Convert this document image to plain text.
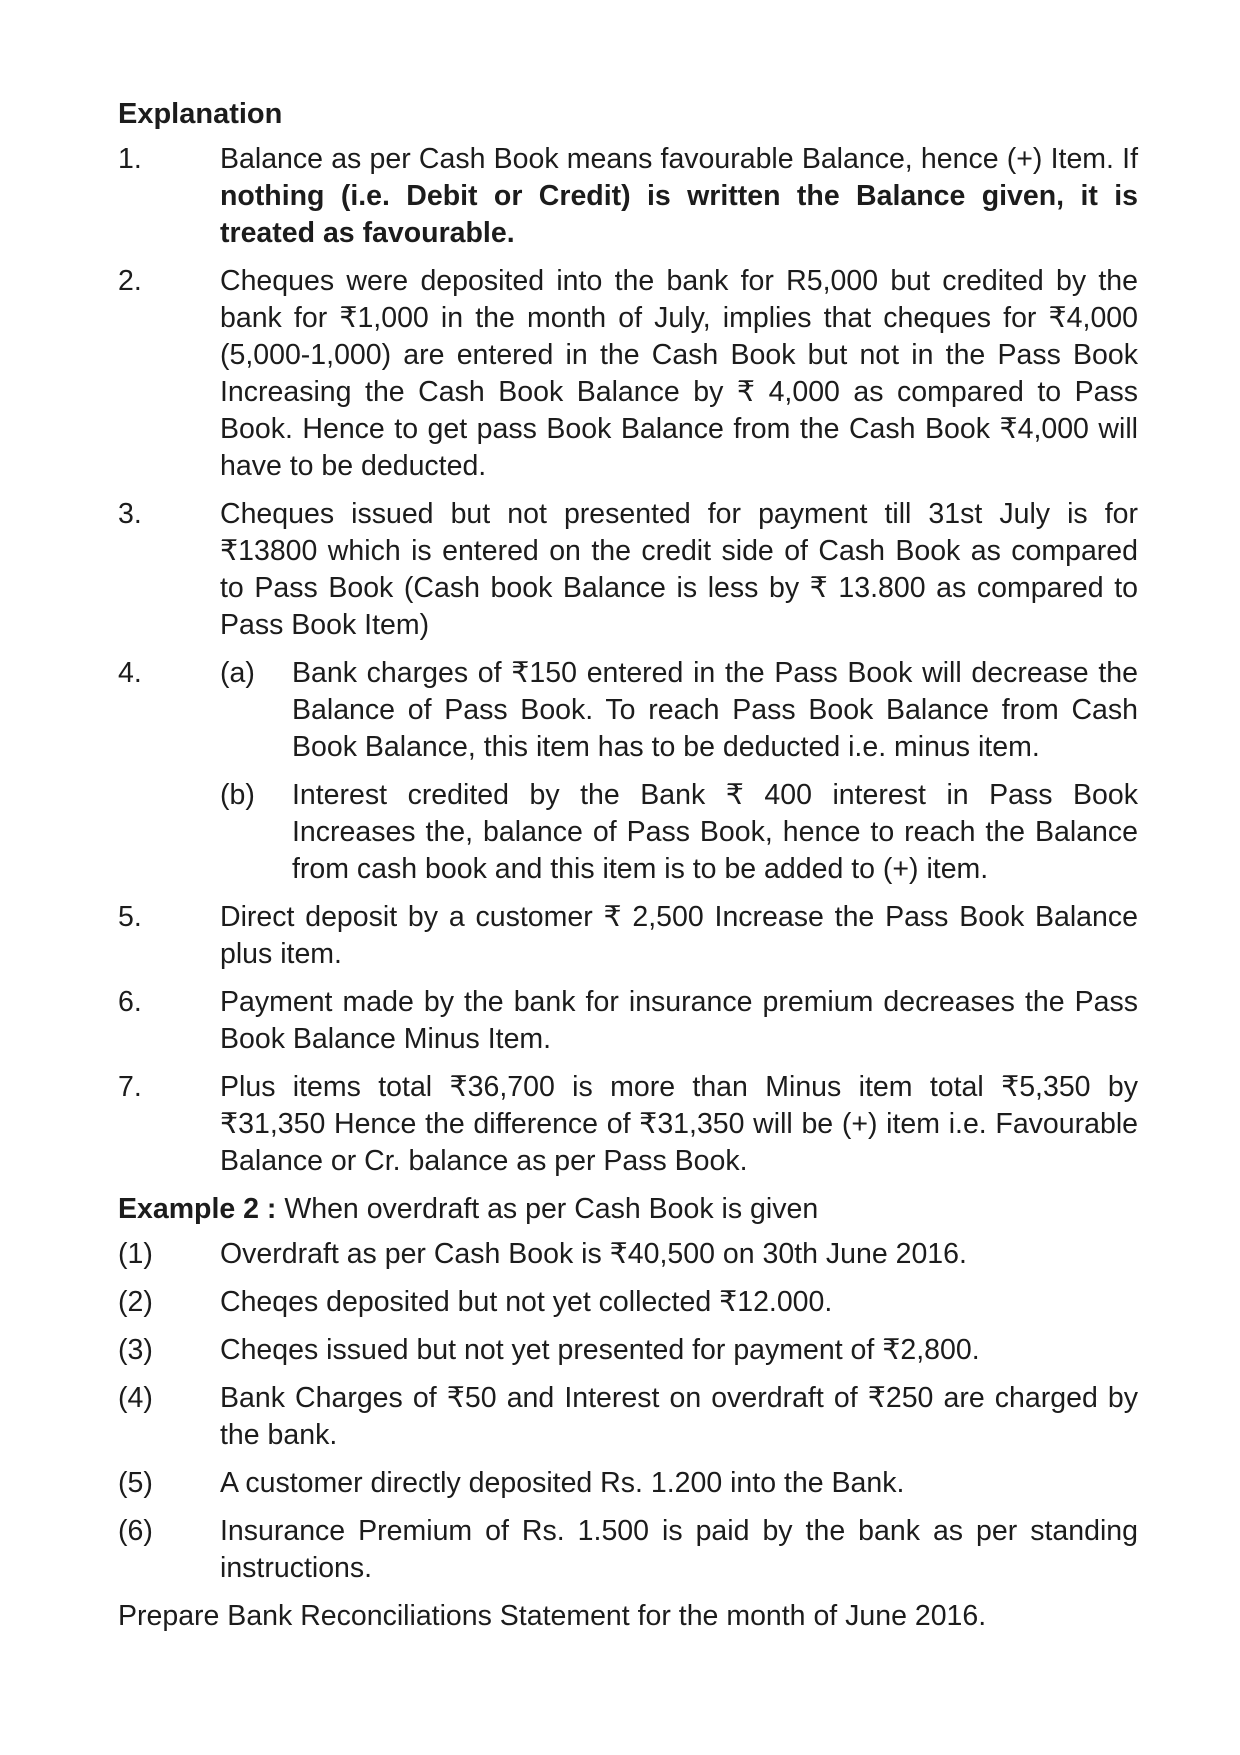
Explanation
1.	Balance as per Cash Book means favourable Balance, hence (+) Item. If nothing (i.e. Debit or Credit) is written the Balance given, it is treated as favourable.
2.	Cheques were deposited into the bank for R5,000 but credited by the bank for ₹1,000 in the month of July, implies that cheques for ₹4,000 (5,000-1,000) are entered in the Cash Book but not in the Pass Book Increasing the Cash Book Balance by ₹ 4,000 as compared to Pass Book. Hence to get pass Book Balance from the Cash Book ₹4,000 will have to be deducted.
3.	Cheques issued but not presented for payment till 31st July is for ₹13800 which is entered on the credit side of Cash Book as compared to Pass Book (Cash book Balance is less by ₹ 13.800 as compared to Pass Book Item)
4.	(a) Bank charges of ₹150 entered in the Pass Book will decrease the Balance of Pass Book. To reach Pass Book Balance from Cash Book Balance, this item has to be deducted i.e. minus item.
(b) Interest credited by the Bank ₹ 400 interest in Pass Book Increases the, balance of Pass Book, hence to reach the Balance from cash book and this item is to be added to (+) item.
5.	Direct deposit by a customer ₹ 2,500 Increase the Pass Book Balance plus item.
6.	Payment made by the bank for insurance premium decreases the Pass Book Balance Minus Item.
7.	Plus items total ₹36,700 is more than Minus item total ₹5,350 by ₹31,350 Hence the difference of ₹31,350 will be (+) item i.e. Favourable Balance or Cr. balance as per Pass Book.
Example 2 : When overdraft as per Cash Book is given
(1)	Overdraft as per Cash Book is ₹40,500 on 30th June 2016.
(2)	Cheqes deposited but not yet collected ₹12.000.
(3)	Cheqes issued but not yet presented for payment of ₹2,800.
(4)	Bank Charges of ₹50 and Interest on overdraft of ₹250 are charged by the bank.
(5)	A customer directly deposited Rs. 1.200 into the Bank.
(6)	Insurance Premium of Rs. 1.500 is paid by the bank as per standing instructions.
Prepare Bank Reconciliations Statement for the month of June 2016.
